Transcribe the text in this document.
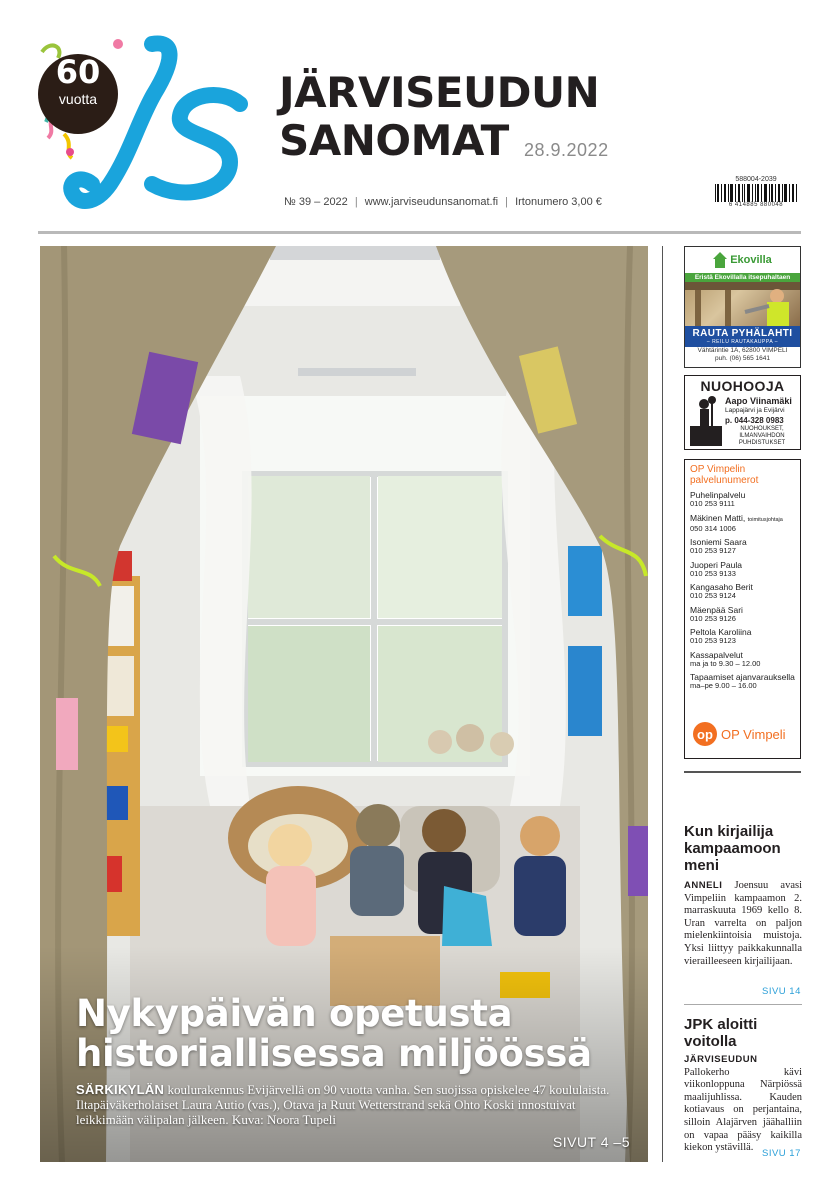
60
vuotta	JÄRVISEUDUN
SANOMAT 28.9.2022
№ 39 – 2022 | www.jarviseudunsanomat.fi | Irtonumero 3,00 €
588004-2039
6 414885 880048
Nykypäivän opetusta
historiallisessa miljöössä

SÄRKIKYLÄN koulurakennus Evijärvellä on 90 vuotta vanha. Sen suojissa opiskelee 47 koululaista. Iltapäiväkerholaiset Laura Autio (vas.), Otava ja Ruut Wetterstrand sekä Ohto Koski innostuivat leikkimään välipalan jälkeen. Kuva: Noora Tupeli

SIVUT 4 –5
Ekovilla
Eristä Ekovillalla itsepuhaltaen
RAUTA PYHÄLAHTI
– REILU RAUTAKAUPPA –
Vähtärintie 1A, 62800 VIMPELI
puh. (06) 565 1641
NUOHOOJA
Aapo Viinamäki
Lappajärvi ja Evijärvi
p. 044-328 0983
NUOHOUKSET, ILMANVAIHDON PUHDISTUKSET
OP Vimpelin palvelunumerot
Puhelinpalvelu
010 253 9111
Mäkinen Matti, toimitusjohtaja
050 314 1006
Isoniemi Saara
010 253 9127
Juoperi Paula
010 253 9133
Kangasaho Berit
010 253 9124
Mäenpää Sari
010 253 9126
Peltola Karoliina
010 253 9123
Kassapalvelut
ma ja to 9.30 – 12.00
Tapaamiset ajanvarauksella
ma–pe 9.00 – 16.00
op OP Vimpeli
Kun kirjailija kampaamoon meni

ANNELI Joensuu avasi Vimpeliin kampaamon 2. marraskuuta 1969 kello 8. Uran varrelta on paljon mielenkiintoisia muistoja. Yksi liittyy paikkakunnalla vierailleeseen kirjailijaan.

SIVU 14
JPK aloitti voitolla

JÄRVISEUDUN Pallokerho kävi viikonloppuna Närpiössä maalijuhlissa. Kauden kotiavaus on perjantaina, silloin Alajärven jäähalliin on vapaa pääsy kaikilla kiekon ystävillä.

SIVU 17
